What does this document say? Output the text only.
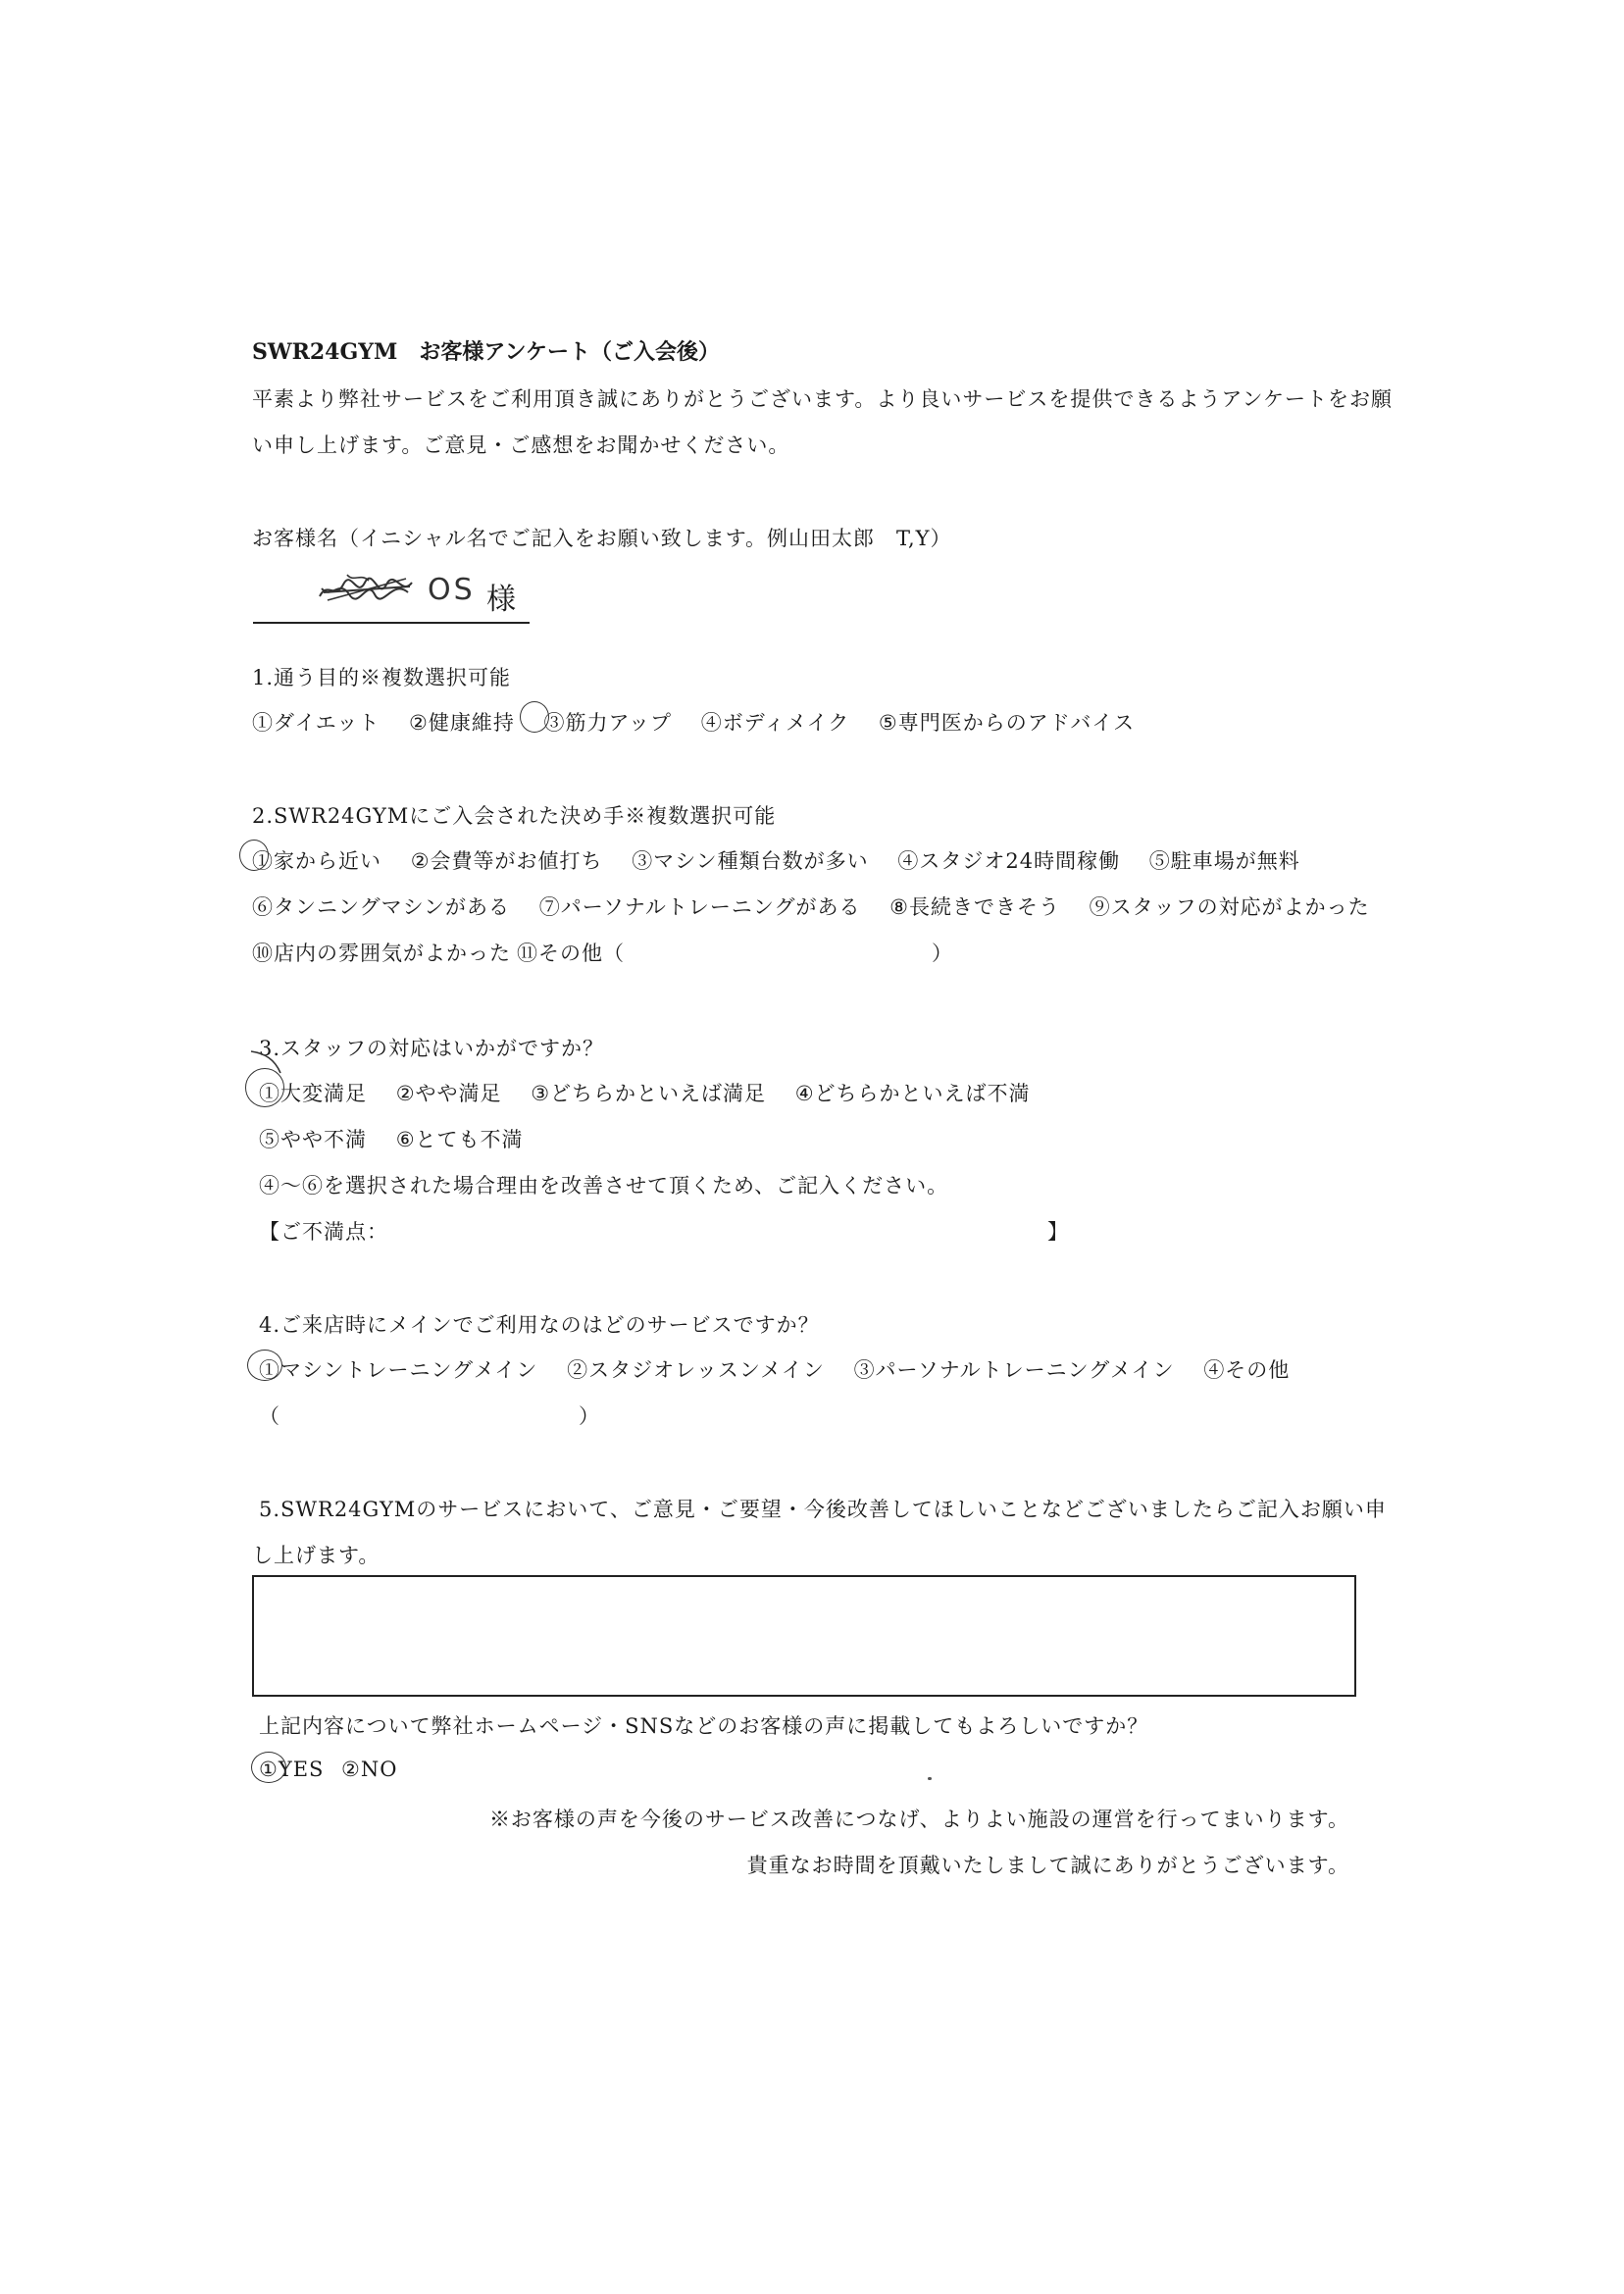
SWR24GYM　お客様アンケート（ご入会後）
平素より弊社サービスをご利用頂き誠にありがとうございます。より良いサービスを提供できるようアンケートをお願
い申し上げます。ご意見・ご感想をお聞かせください。
お客様名（イニシャル名でご記入をお願い致します。例山田太郎　T,Y）
OS 様
1.通う目的※複数選択可能
①ダイエット ②健康維持 ③筋力アップ ④ボディメイク ⑤専門医からのアドバイス
2.SWR24GYMにご入会された決め手※複数選択可能
①家から近い ②会費等がお値打ち ③マシン種類台数が多い ④スタジオ24時間稼働 ⑤駐車場が無料
⑥タンニングマシンがある ⑦パーソナルトレーニングがある ⑧長続きできそう ⑨スタッフの対応がよかった
⑩店内の雰囲気がよかった ⑪その他（	）
3.スタッフの対応はいかがですか？
①大変満足 ②やや満足 ③どちらかといえば満足 ④どちらかといえば不満
⑤やや不満 ⑥とても不満
④～⑥を選択された場合理由を改善させて頂くため、ご記入ください。
【ご不満点：	】
4.ご来店時にメインでご利用なのはどのサービスですか？
①マシントレーニングメイン ②スタジオレッスンメイン ③パーソナルトレーニングメイン ④その他
（	）
5.SWR24GYMのサービスにおいて、ご意見・ご要望・今後改善してほしいことなどございましたらご記入お願い申
し上げます。
上記内容について弊社ホームページ・SNSなどのお客様の声に掲載してもよろしいですか？
①YES ②NO
※お客様の声を今後のサービス改善につなげ、よりよい施設の運営を行ってまいります。
貴重なお時間を頂戴いたしまして誠にありがとうございます。
